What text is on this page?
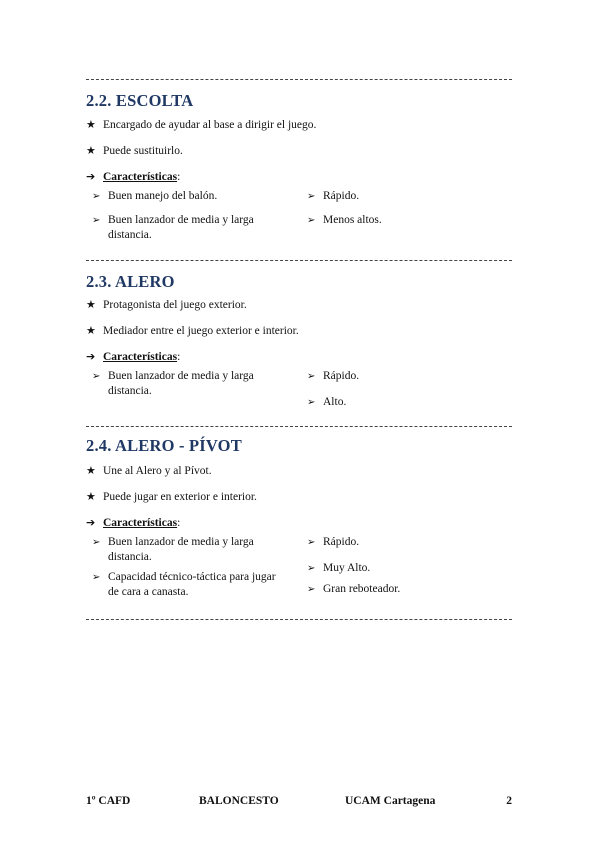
2.2. ESCOLTA
★ Encargado de ayudar al base a dirigir el juego.
★ Puede sustituirlo.
➔ Características:
➢ Buen manejo del balón.
➢ Buen lanzador de media y larga distancia.
➢ Rápido.
➢ Menos altos.
2.3. ALERO
★ Protagonista del juego exterior.
★ Mediador entre el juego exterior e interior.
➔ Características:
➢ Buen lanzador de media y larga distancia.
➢ Rápido.
➢ Alto.
2.4. ALERO - PÍVOT
★ Une al Alero y al Pívot.
★ Puede jugar en exterior e interior.
➔ Características:
➢ Buen lanzador de media y larga distancia.
➢ Capacidad técnico-táctica para jugar de cara a canasta.
➢ Rápido.
➢ Muy Alto.
➢ Gran reboteador.
1º CAFD	BALONCESTO	UCAM Cartagena	2
